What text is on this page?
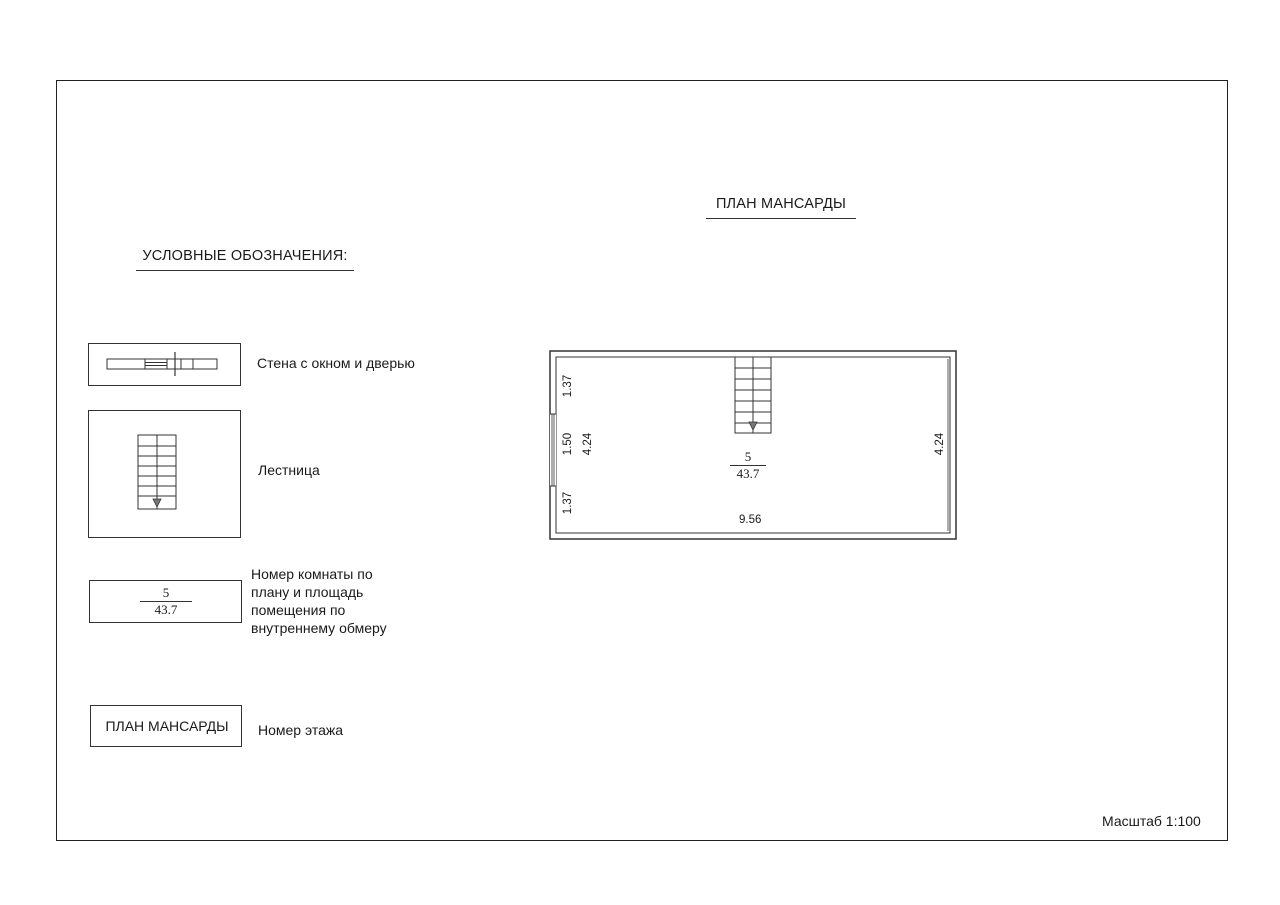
ПЛАН МАНСАРДЫ
УСЛОВНЫЕ ОБОЗНАЧЕНИЯ:
Стена с окном и дверью
Лестница
$\frac{5}{43.7}$
Номер комнаты по плану и площадь помещения по внутреннему обмеру
ПЛАН МАНСАРДЫ	Номер этажа
$\frac{5}{43.7}$
1.37
1.50
1.37
4.24	4.24
9.56
Масштаб 1:100
